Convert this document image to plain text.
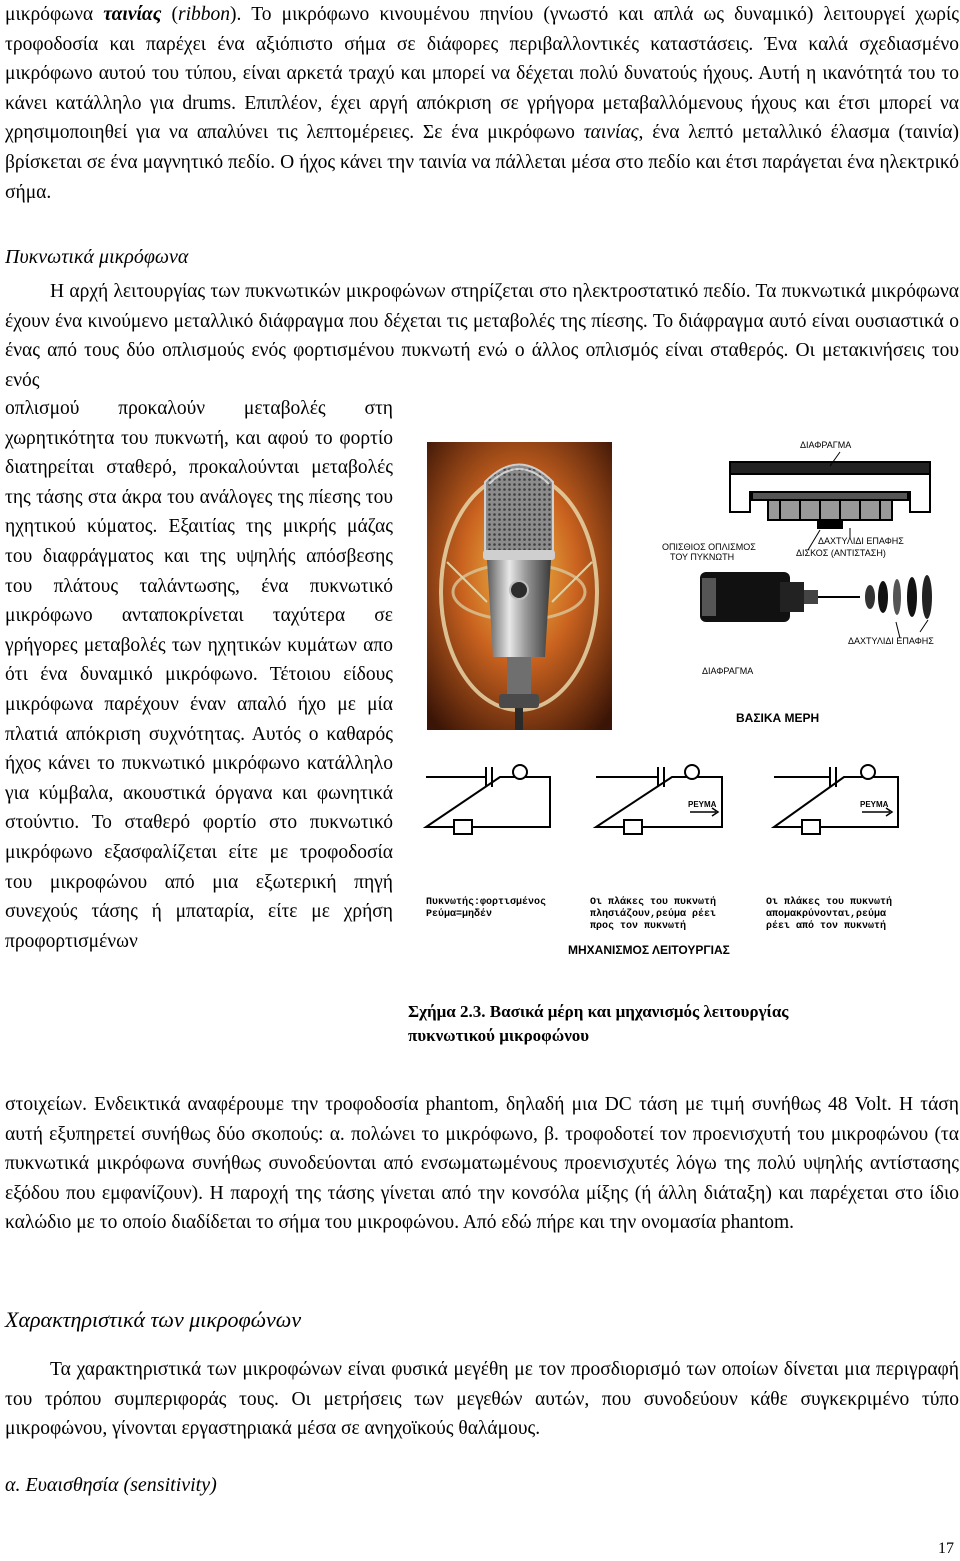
μικρόφωνα ταινίας (ribbon). Το μικρόφωνο κινουμένου πηνίου (γνωστό και απλά ως δυναμικό) λειτουργεί χωρίς τροφοδοσία και παρέχει ένα αξιόπιστο σήμα σε διάφορες περιβαλλοντικές καταστάσεις. Ένα καλά σχεδιασμένο μικρόφωνο αυτού του τύπου, είναι αρκετά τραχύ και μπορεί να δέχεται πολύ δυνατούς ήχους. Αυτή η ικανότητά του το κάνει κατάλληλο για drums. Επιπλέον, έχει αργή απόκριση σε γρήγορα μεταβαλλόμενους ήχους και έτσι μπορεί να χρησιμοποιηθεί για να απαλύνει τις λεπτομέρειες. Σε ένα μικρόφωνο ταινίας, ένα λεπτό μεταλλικό έλασμα (ταινία) βρίσκεται σε ένα μαγνητικό πεδίο. Ο ήχος κάνει την ταινία να πάλλεται μέσα στο πεδίο και έτσι παράγεται ένα ηλεκτρικό σήμα.

Πυκνωτικά μικρόφωνα

Η αρχή λειτουργίας των πυκνωτικών μικροφώνων στηρίζεται στο ηλεκτροστατικό πεδίο. Τα πυκνωτικά μικρόφωνα έχουν ένα κινούμενο μεταλλικό διάφραγμα που δέχεται τις μεταβολές της πίεσης. Το διάφραγμα αυτό είναι ουσιαστικά ο ένας από τους δύο οπλισμούς ενός φορτισμένου πυκνωτή ενώ ο άλλος οπλισμός είναι σταθερός. Οι μετακινήσεις του ενός

οπλισμού προκαλούν μεταβολές στη χωρητικότητα του πυκνωτή, και αφού το φορτίο διατηρείται σταθερό, προκαλούνται μεταβολές της τάσης στα άκρα του ανάλογες της πίεσης του ηχητικού κύματος. Εξαιτίας της μικρής μάζας του διαφράγματος και της υψηλής απόσβεσης του πλάτους ταλάντωσης, ένα πυκνωτικό μικρόφωνο ανταποκρίνεται ταχύτερα σε γρήγορες μεταβολές των ηχητικών κυμάτων απο ότι ένα δυναμικό μικρόφωνο. Τέτοιου είδους μικρόφωνα παρέχουν έναν απαλό ήχο με μία πλατιά απόκριση συχνότητας. Αυτός ο καθαρός ήχος κάνει το πυκνωτικό μικρόφωνο κατάλληλο για κύμβαλα, ακουστικά όργανα και φωνητικά στούντιο. Το σταθερό φορτίο στο πυκνωτικό μικρόφωνο εξασφαλίζεται είτε με τροφοδοσία του μικροφώνου από μια εξωτερική πηγή συνεχούς τάσης ή μπαταρία, είτε με χρήση προφορτισμένων

στοιχείων. Ενδεικτικά αναφέρουμε την τροφοδοσία phantom, δηλαδή μια DC τάση με τιμή συνήθως 48 Volt. Η τάση αυτή εξυπηρετεί συνήθως δύο σκοπούς: α. πολώνει το μικρόφωνο, β. τροφοδοτεί τον προενισχυτή του μικροφώνου (τα πυκνωτικά μικρόφωνα συνήθως συνοδεύονται από ενσωματωμένους προενισχυτές λόγω της πολύ υψηλής αντίστασης εξόδου που εμφανίζουν). Η παροχή της τάσης γίνεται από την κονσόλα μίξης (ή άλλη διάταξη) και παρέχεται στο ίδιο καλώδιο με το οποίο διαδίδεται το σήμα του μικροφώνου. Από εδώ πήρε και την ονομασία phantom.

Χαρακτηριστικά των μικροφώνων

Τα χαρακτηριστικά των μικροφώνων είναι φυσικά μεγέθη με τον προσδιορισμό των οποίων δίνεται μια περιγραφή του τρόπου συμπεριφοράς τους. Οι μετρήσεις των μεγεθών αυτών, που συνοδεύουν κάθε συγκεκριμένο τύπο μικροφώνου, γίνονται εργαστηριακά μέσα σε ανηχοϊκούς θαλάμους.

α. Ευαισθησία (sensitivity)
ΔΙΑΦΡΑΓΜΑ
ΔΑΧΤΥΛΙΔΙ ΕΠΑΦΗΣ
ΟΠΙΣΘΙΟΣ ΟΠΛΙΣΜΟΣ
ΤΟΥ ΠΥΚΝΩΤΗ	ΔΙΣΚΟΣ (ΑΝΤΙΣΤΑΣΗ)
ΔΑΧΤΥΛΙΔΙ ΕΠΑΦΗΣ
ΔΙΑΦΡΑΓΜΑ
ΒΑΣΙΚΑ ΜΕΡΗ
ΡΕΥΜΑ	ΡΕΥΜΑ
Πυκνωτής:φορτισμένος
Ρεύμα=μηδέν
Οι πλάκες του πυκνωτή
πλησιάζουν,ρεύμα ρέει
προς τον πυκνωτή
Οι πλάκες του πυκνωτή
απομακρύνονται,ρεύμα
ρέει από τον πυκνωτή
ΜΗΧΑΝΙΣΜΟΣ ΛΕΙΤΟΥΡΓΙΑΣ
Σχήμα 2.3. Βασικά μέρη και μηχανισμός λειτουργίας
πυκνωτικού μικροφώνου
17
